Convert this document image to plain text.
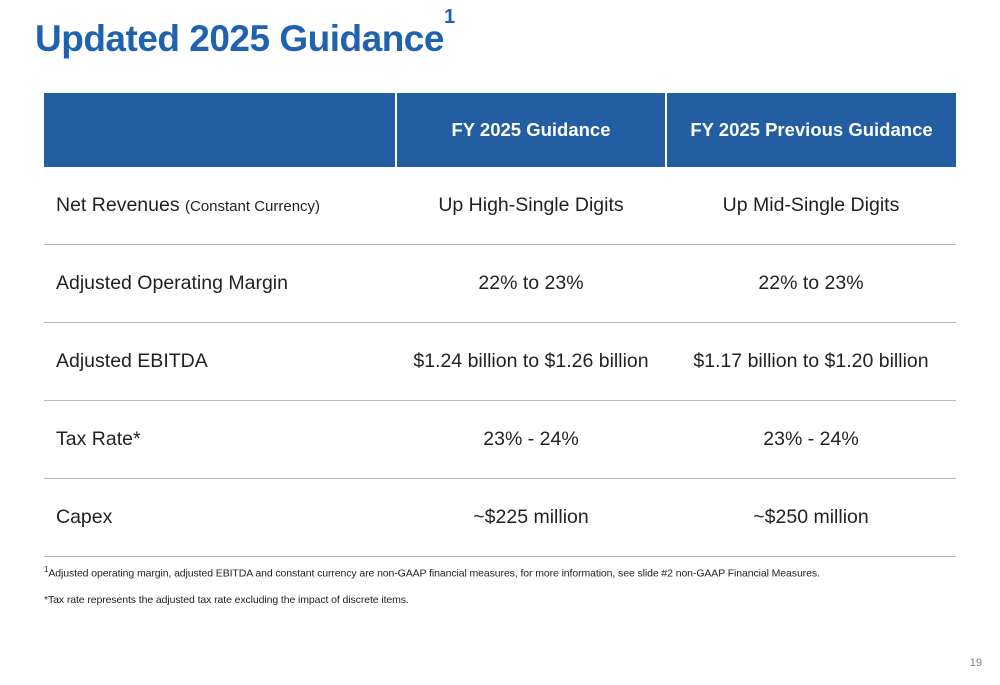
Updated 2025 Guidance$^1$
	FY 2025 Guidance	FY 2025 Previous Guidance
Net Revenues (Constant Currency)	Up High-Single Digits	Up Mid-Single Digits
Adjusted Operating Margin	22% to 23%	22% to 23%
Adjusted EBITDA	$1.24 billion to $1.26 billion	$1.17 billion to $1.20 billion
Tax Rate*	23% - 24%	23% - 24%
Capex	~$225 million	~$250 million
$^1$Adjusted operating margin, adjusted EBITDA and constant currency are non-GAAP financial measures, for more information, see slide #2 non-GAAP Financial Measures.
*Tax rate represents the adjusted tax rate excluding the impact of discrete items.
19
